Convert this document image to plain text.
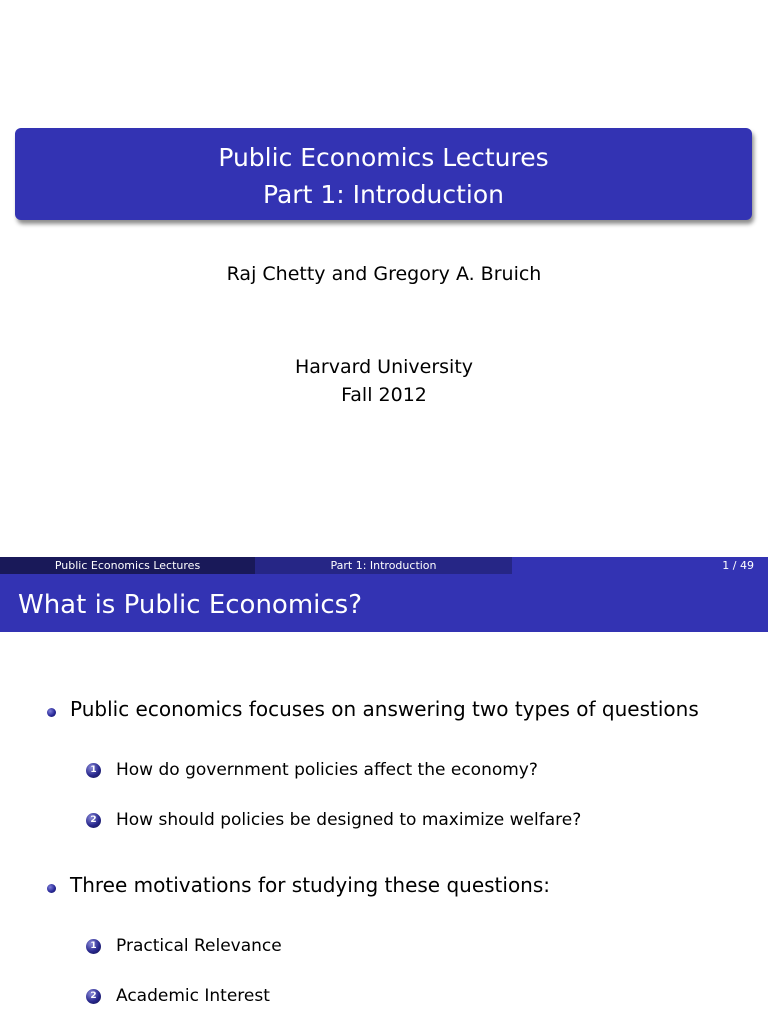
Public Economics Lectures
Part 1: Introduction
Raj Chetty and Gregory A. Bruich
Harvard University
Fall 2012
Public Economics Lectures	Part 1: Introduction	1 / 49
What is Public Economics?
Public economics focuses on answering two types of questions
1 How do government policies affect the economy?
2 How should policies be designed to maximize welfare?
Three motivations for studying these questions:
1 Practical Relevance
2 Academic Interest
